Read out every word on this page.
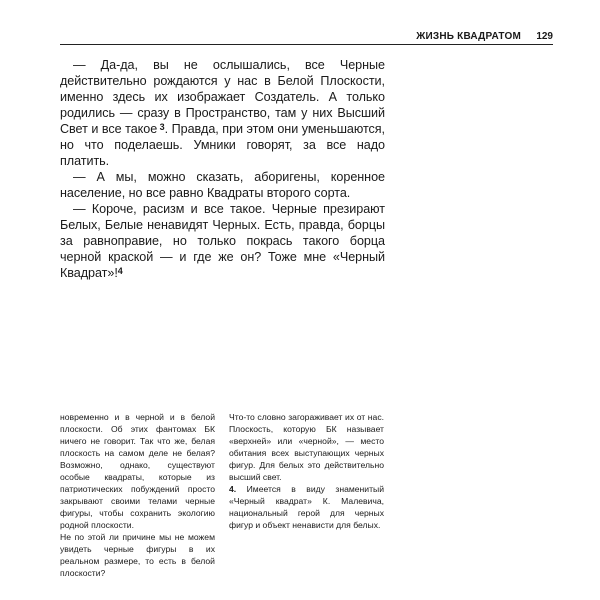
ЖИЗНЬ КВАДРАТОМ	129

— Да-да, вы не ослышались, все Черные действительно рождаются у нас в Белой Плоскости, именно здесь их изображает Создатель. А только родились — сразу в Пространство, там у них Высший Свет и все такое  $^3$. Правда, при этом они уменьшаются, но что поделаешь. Умники говорят, за все надо платить.

— А мы, можно сказать, аборигены, коренное население, но все равно Квадраты второго сорта.

— Короче, расизм и все такое. Черные презирают Белых, Белые ненавидят Черных. Есть, правда, борцы за равноправие, но только покрась такого борца черной краской — и где же он? Тоже мне «Черный Квадрат»!$^4$

новременно и в черной и в белой плоскости. Об этих фантомах БК ничего не говорит. Так что же, белая плоскость на самом деле не белая? Возможно, однако, существуют особые квадраты, которые из патриотических побуждений просто закрывают своими телами черные фигуры, чтобы сохранить экологию родной плоскости.

Не по этой ли причине мы не можем увидеть черные фигуры в их реальном размере, то есть в белой плоскости?

Что-то словно загораживает их от нас. Плоскость, которую БК называет «верхней» или «черной», — место обитания всех выступающих черных фигур. Для белых это действительно высший свет.

4. Имеется в виду знаменитый «Черный квадрат» К. Малевича, национальный герой для черных фигур и объект ненависти для белых.
